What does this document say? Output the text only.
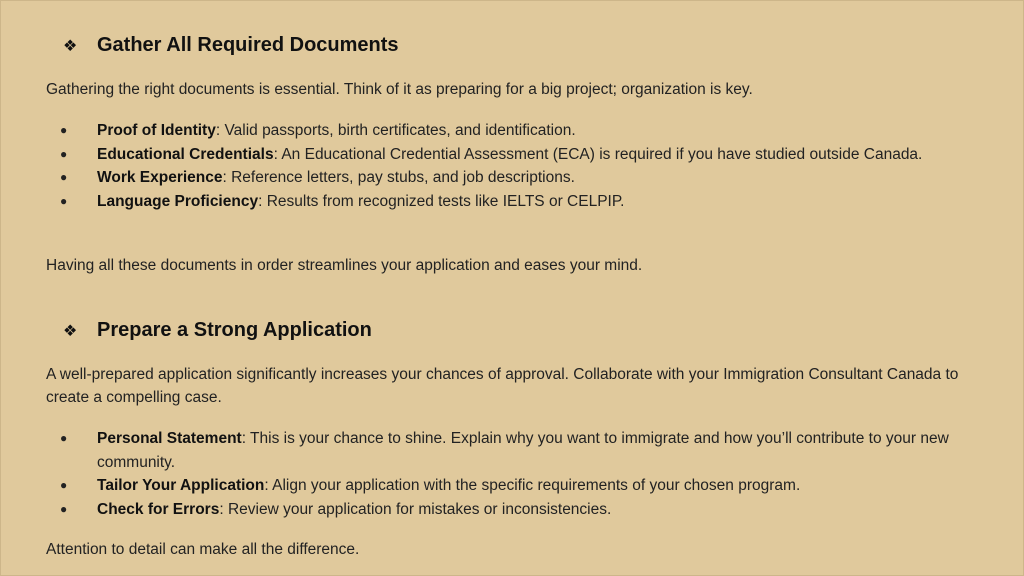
❖ Gather All Required Documents
Gathering the right documents is essential. Think of it as preparing for a big project; organization is key.
● Proof of Identity: Valid passports, birth certificates, and identification.
● Educational Credentials: An Educational Credential Assessment (ECA) is required if you have studied outside Canada.
● Work Experience: Reference letters, pay stubs, and job descriptions.
● Language Proficiency: Results from recognized tests like IELTS or CELPIP.
Having all these documents in order streamlines your application and eases your mind.
❖ Prepare a Strong Application
A well-prepared application significantly increases your chances of approval. Collaborate with your Immigration Consultant Canada to create a compelling case.
● Personal Statement: This is your chance to shine. Explain why you want to immigrate and how you’ll contribute to your new community.
● Tailor Your Application: Align your application with the specific requirements of your chosen program.
● Check for Errors: Review your application for mistakes or inconsistencies.
Attention to detail can make all the difference.
